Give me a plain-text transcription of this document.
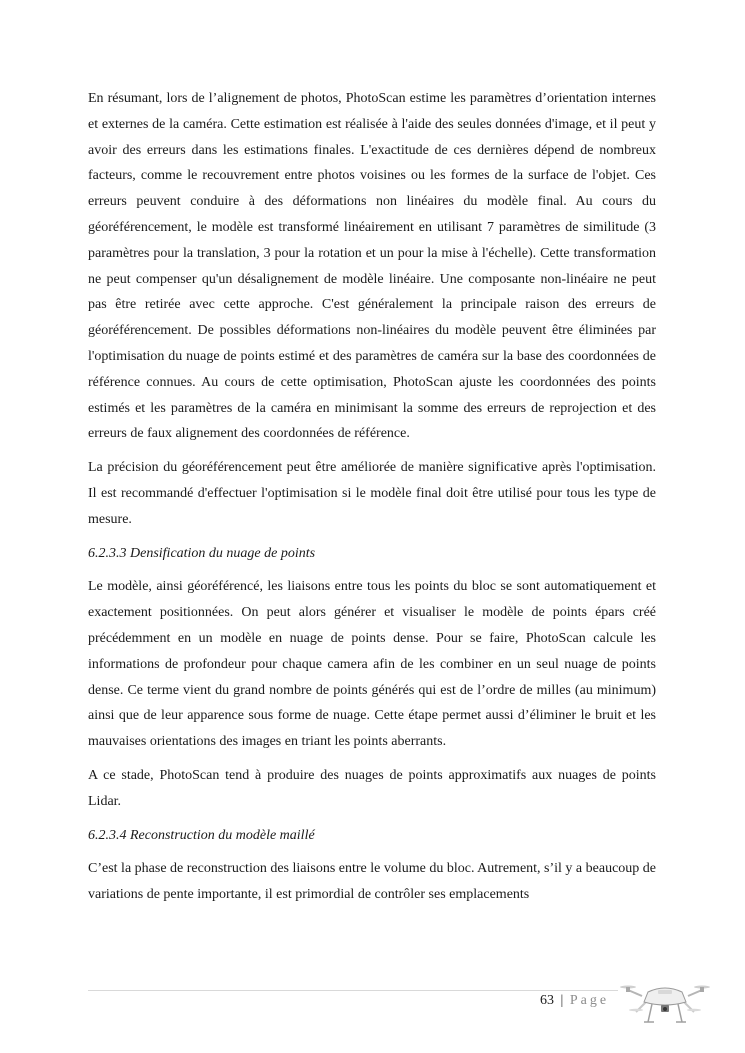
En résumant, lors de l’alignement de photos, PhotoScan estime les paramètres d’orientation internes et externes de la caméra. Cette estimation est réalisée à l'aide des seules données d'image, et il peut y avoir des erreurs dans les estimations finales. L'exactitude de ces dernières dépend de nombreux facteurs, comme le recouvrement entre photos voisines ou les formes de la surface de l'objet. Ces erreurs peuvent conduire à des déformations non linéaires du modèle final. Au cours du géoréférencement, le modèle est transformé linéairement en utilisant 7 paramètres de similitude (3 paramètres pour la translation, 3 pour la rotation et un pour la mise à l'échelle). Cette transformation ne peut compenser qu'un désalignement de modèle linéaire. Une composante non-linéaire ne peut pas être retirée avec cette approche. C'est généralement la principale raison des erreurs de géoréférencement. De possibles déformations non-linéaires du modèle peuvent être éliminées par l'optimisation du nuage de points estimé et des paramètres de caméra sur la base des coordonnées de référence connues. Au cours de cette optimisation, PhotoScan ajuste les coordonnées des points estimés et les paramètres de la caméra en minimisant la somme des erreurs de reprojection et des erreurs de faux alignement des coordonnées de référence.

La précision du géoréférencement peut être améliorée de manière significative après l'optimisation. Il est recommandé d'effectuer l'optimisation si le modèle final doit être utilisé pour tous les type de mesure.

6.2.3.3 Densification du nuage de points

Le modèle, ainsi géoréférencé, les liaisons entre tous les points du bloc se sont automatiquement et exactement positionnées. On peut alors générer et visualiser le modèle de points épars créé précédemment en un modèle en nuage de points dense. Pour se faire, PhotoScan calcule les informations de profondeur pour chaque camera afin de les combiner en un seul nuage de points dense. Ce terme vient du grand nombre de points générés qui est de l’ordre de milles (au minimum) ainsi que de leur apparence sous forme de nuage. Cette étape permet aussi d’éliminer le bruit et les mauvaises orientations des images en triant les points aberrants.

A ce stade, PhotoScan tend à produire des nuages de points approximatifs aux nuages de points Lidar.

6.2.3.4 Reconstruction du modèle maillé

C’est la phase de reconstruction des liaisons entre le volume du bloc. Autrement, s’il y a beaucoup de variations de pente importante, il est primordial de contrôler ses emplacements

63 | Page
